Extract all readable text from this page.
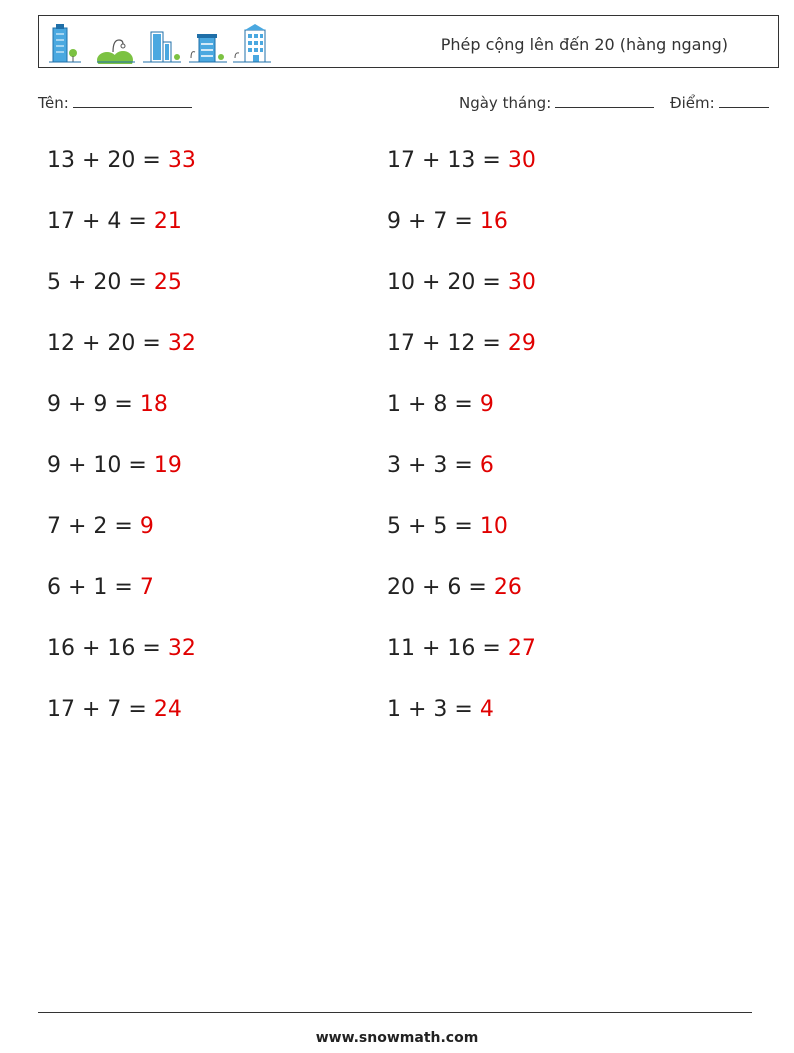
Phép cộng lên đến 20 (hàng ngang)
Tên:	Ngày tháng:	Điểm:
13 + 20 = 33	17 + 13 = 30
17 + 4 = 21	9 + 7 = 16
5 + 20 = 25	10 + 20 = 30
12 + 20 = 32	17 + 12 = 29
9 + 9 = 18	1 + 8 = 9
9 + 10 = 19	3 + 3 = 6
7 + 2 = 9	5 + 5 = 10
6 + 1 = 7	20 + 6 = 26
16 + 16 = 32	11 + 16 = 27
17 + 7 = 24	1 + 3 = 4
www.snowmath.com
